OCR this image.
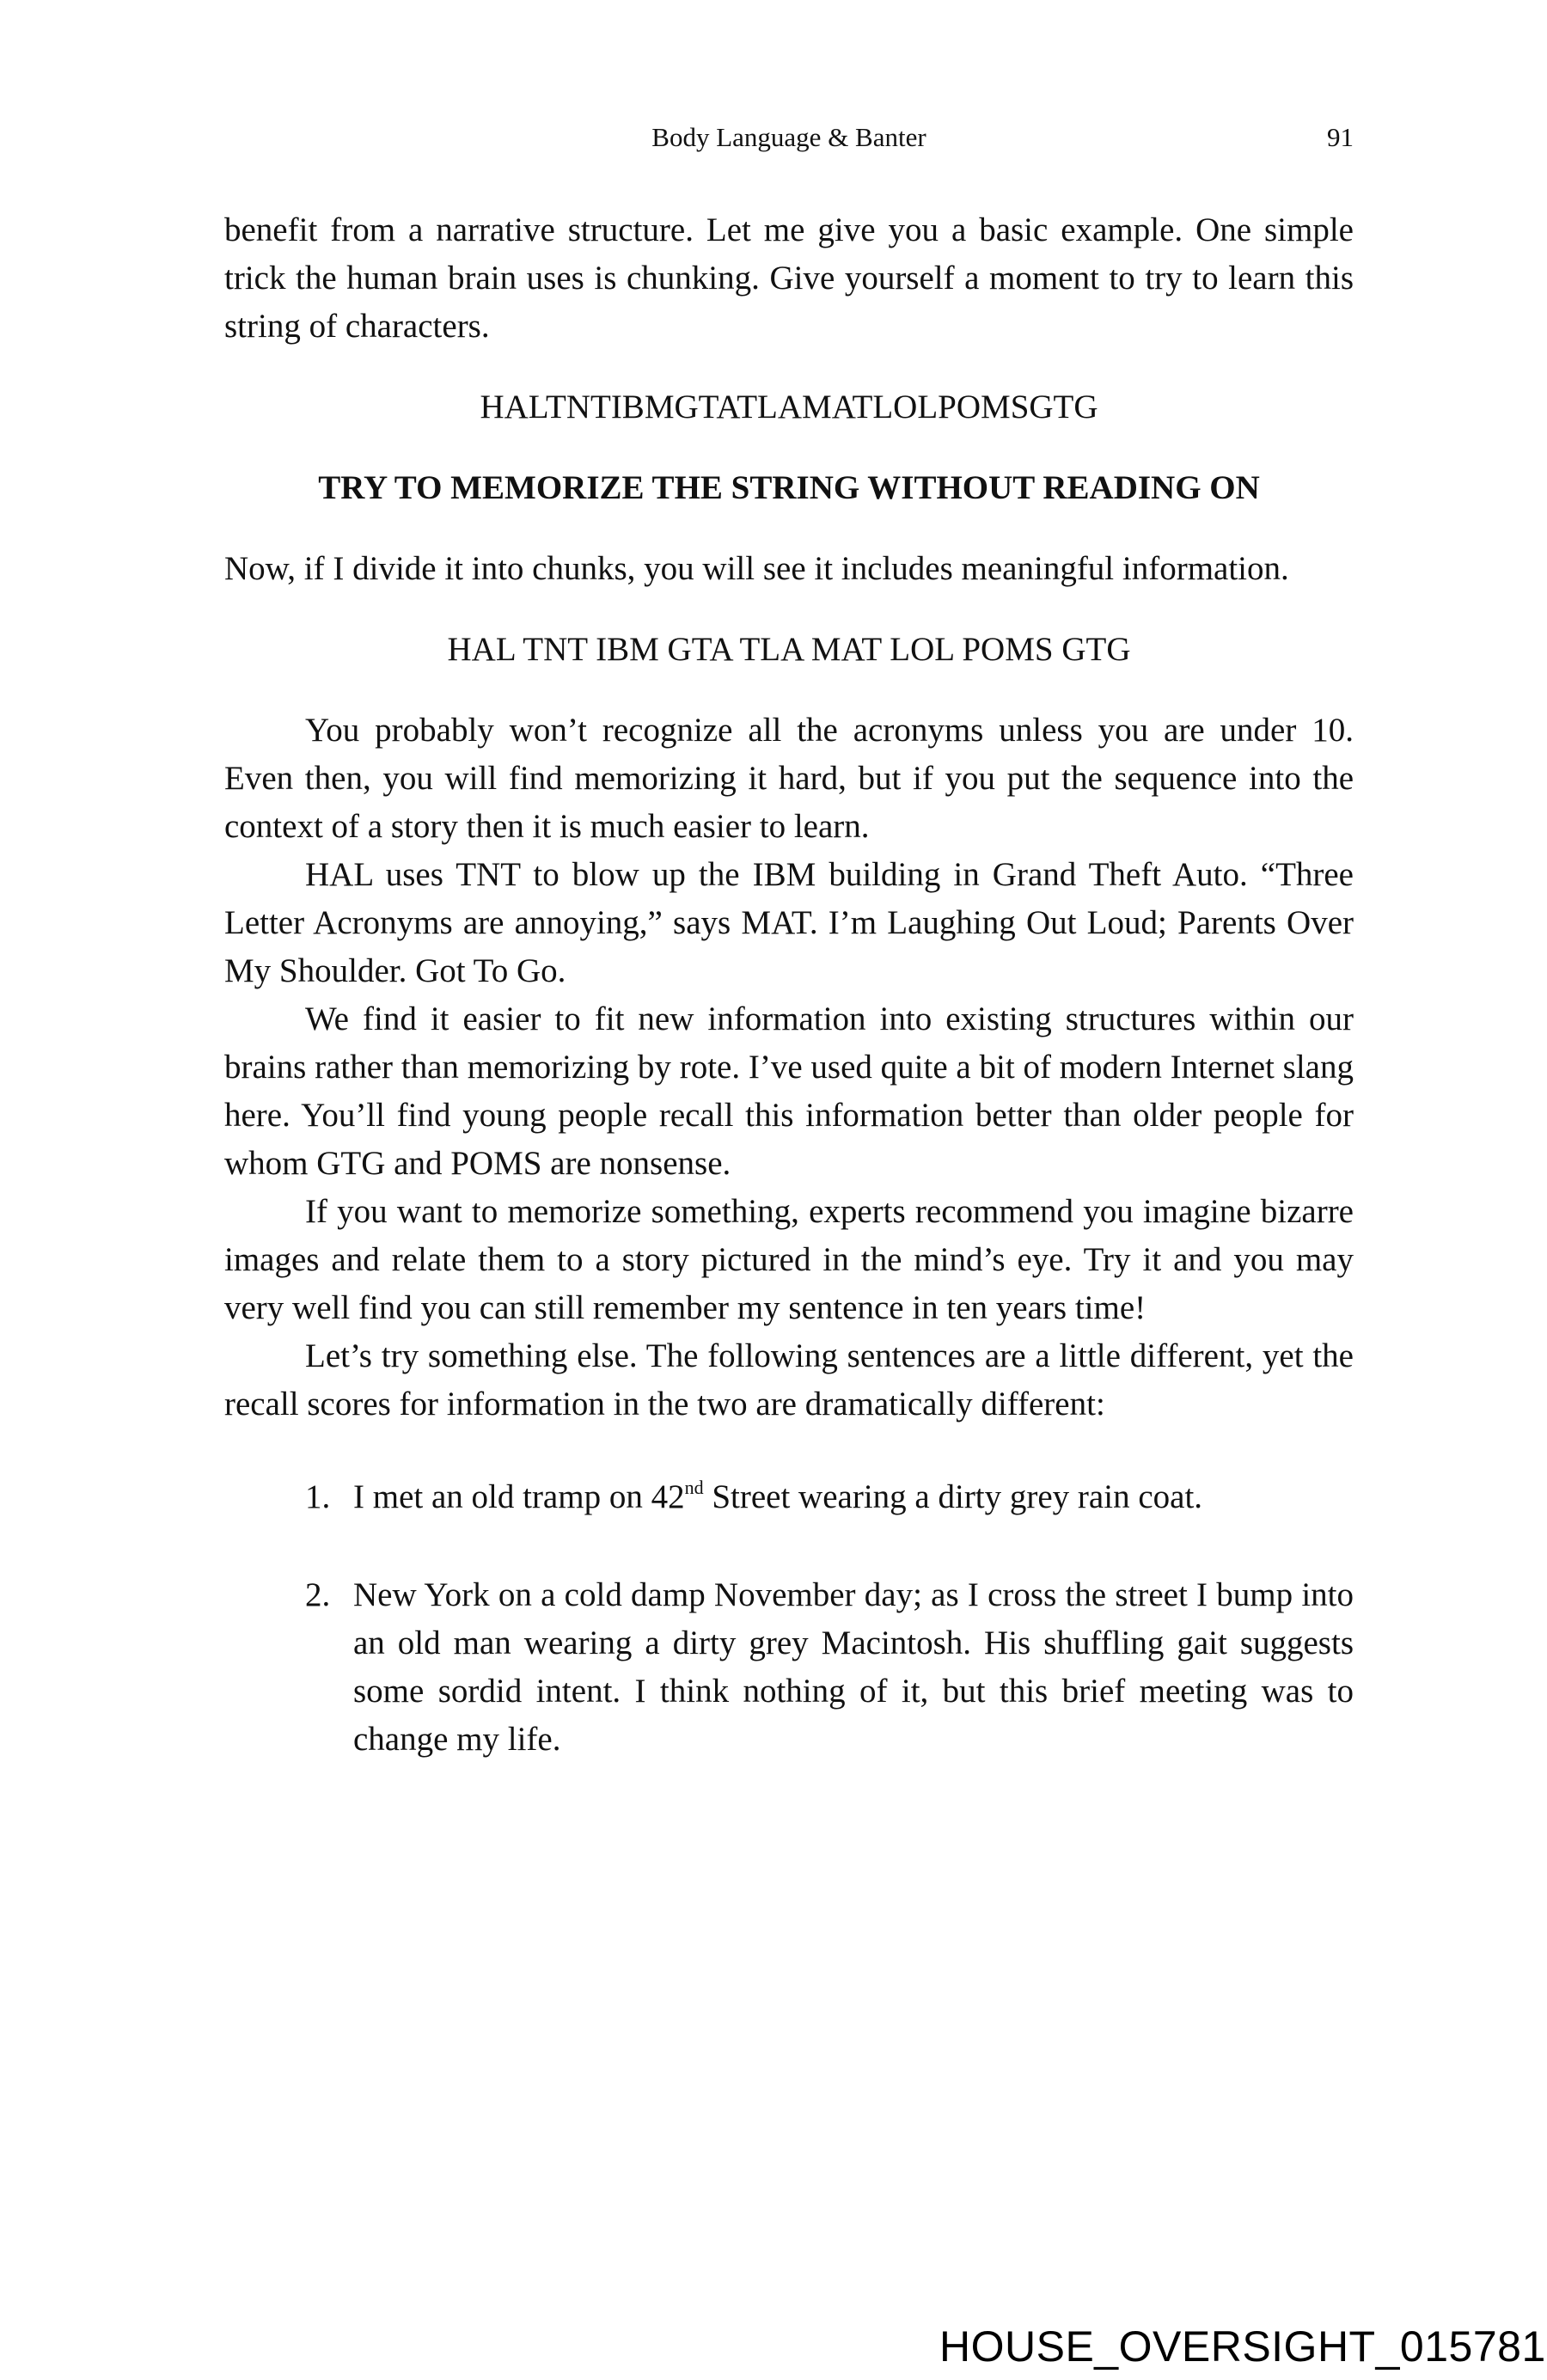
Body Language & Banter	91

benefit from a narrative structure. Let me give you a basic example. One simple trick the human brain uses is chunking. Give yourself a moment to try to learn this string of characters.

HALTNTIBMGTATLAMATLOLPOMSGTG

TRY TO MEMORIZE THE STRING WITHOUT READING ON

Now, if I divide it into chunks, you will see it includes meaningful information.

HAL TNT IBM GTA TLA MAT LOL POMS GTG

You probably won’t recognize all the acronyms unless you are under 10. Even then, you will find memorizing it hard, but if you put the sequence into the context of a story then it is much easier to learn.

HAL uses TNT to blow up the IBM building in Grand Theft Auto. “Three Letter Acronyms are annoying,” says MAT. I’m Laughing Out Loud; Parents Over My Shoulder. Got To Go.

We find it easier to fit new information into existing structures within our brains rather than memorizing by rote. I’ve used quite a bit of modern Internet slang here. You’ll find young people recall this information better than older people for whom GTG and POMS are nonsense.

If you want to memorize something, experts recommend you imagine bizarre images and relate them to a story pictured in the mind’s eye. Try it and you may very well find you can still remember my sentence in ten years time!

Let’s try something else. The following sentences are a little different, yet the recall scores for information in the two are dramatically different:

1. I met an old tramp on 42nd Street wearing a dirty grey rain coat.
2. New York on a cold damp November day; as I cross the street I bump into an old man wearing a dirty grey Macintosh. His shuffling gait suggests some sordid intent. I think nothing of it, but this brief meeting was to change my life.
HOUSE_OVERSIGHT_015781
